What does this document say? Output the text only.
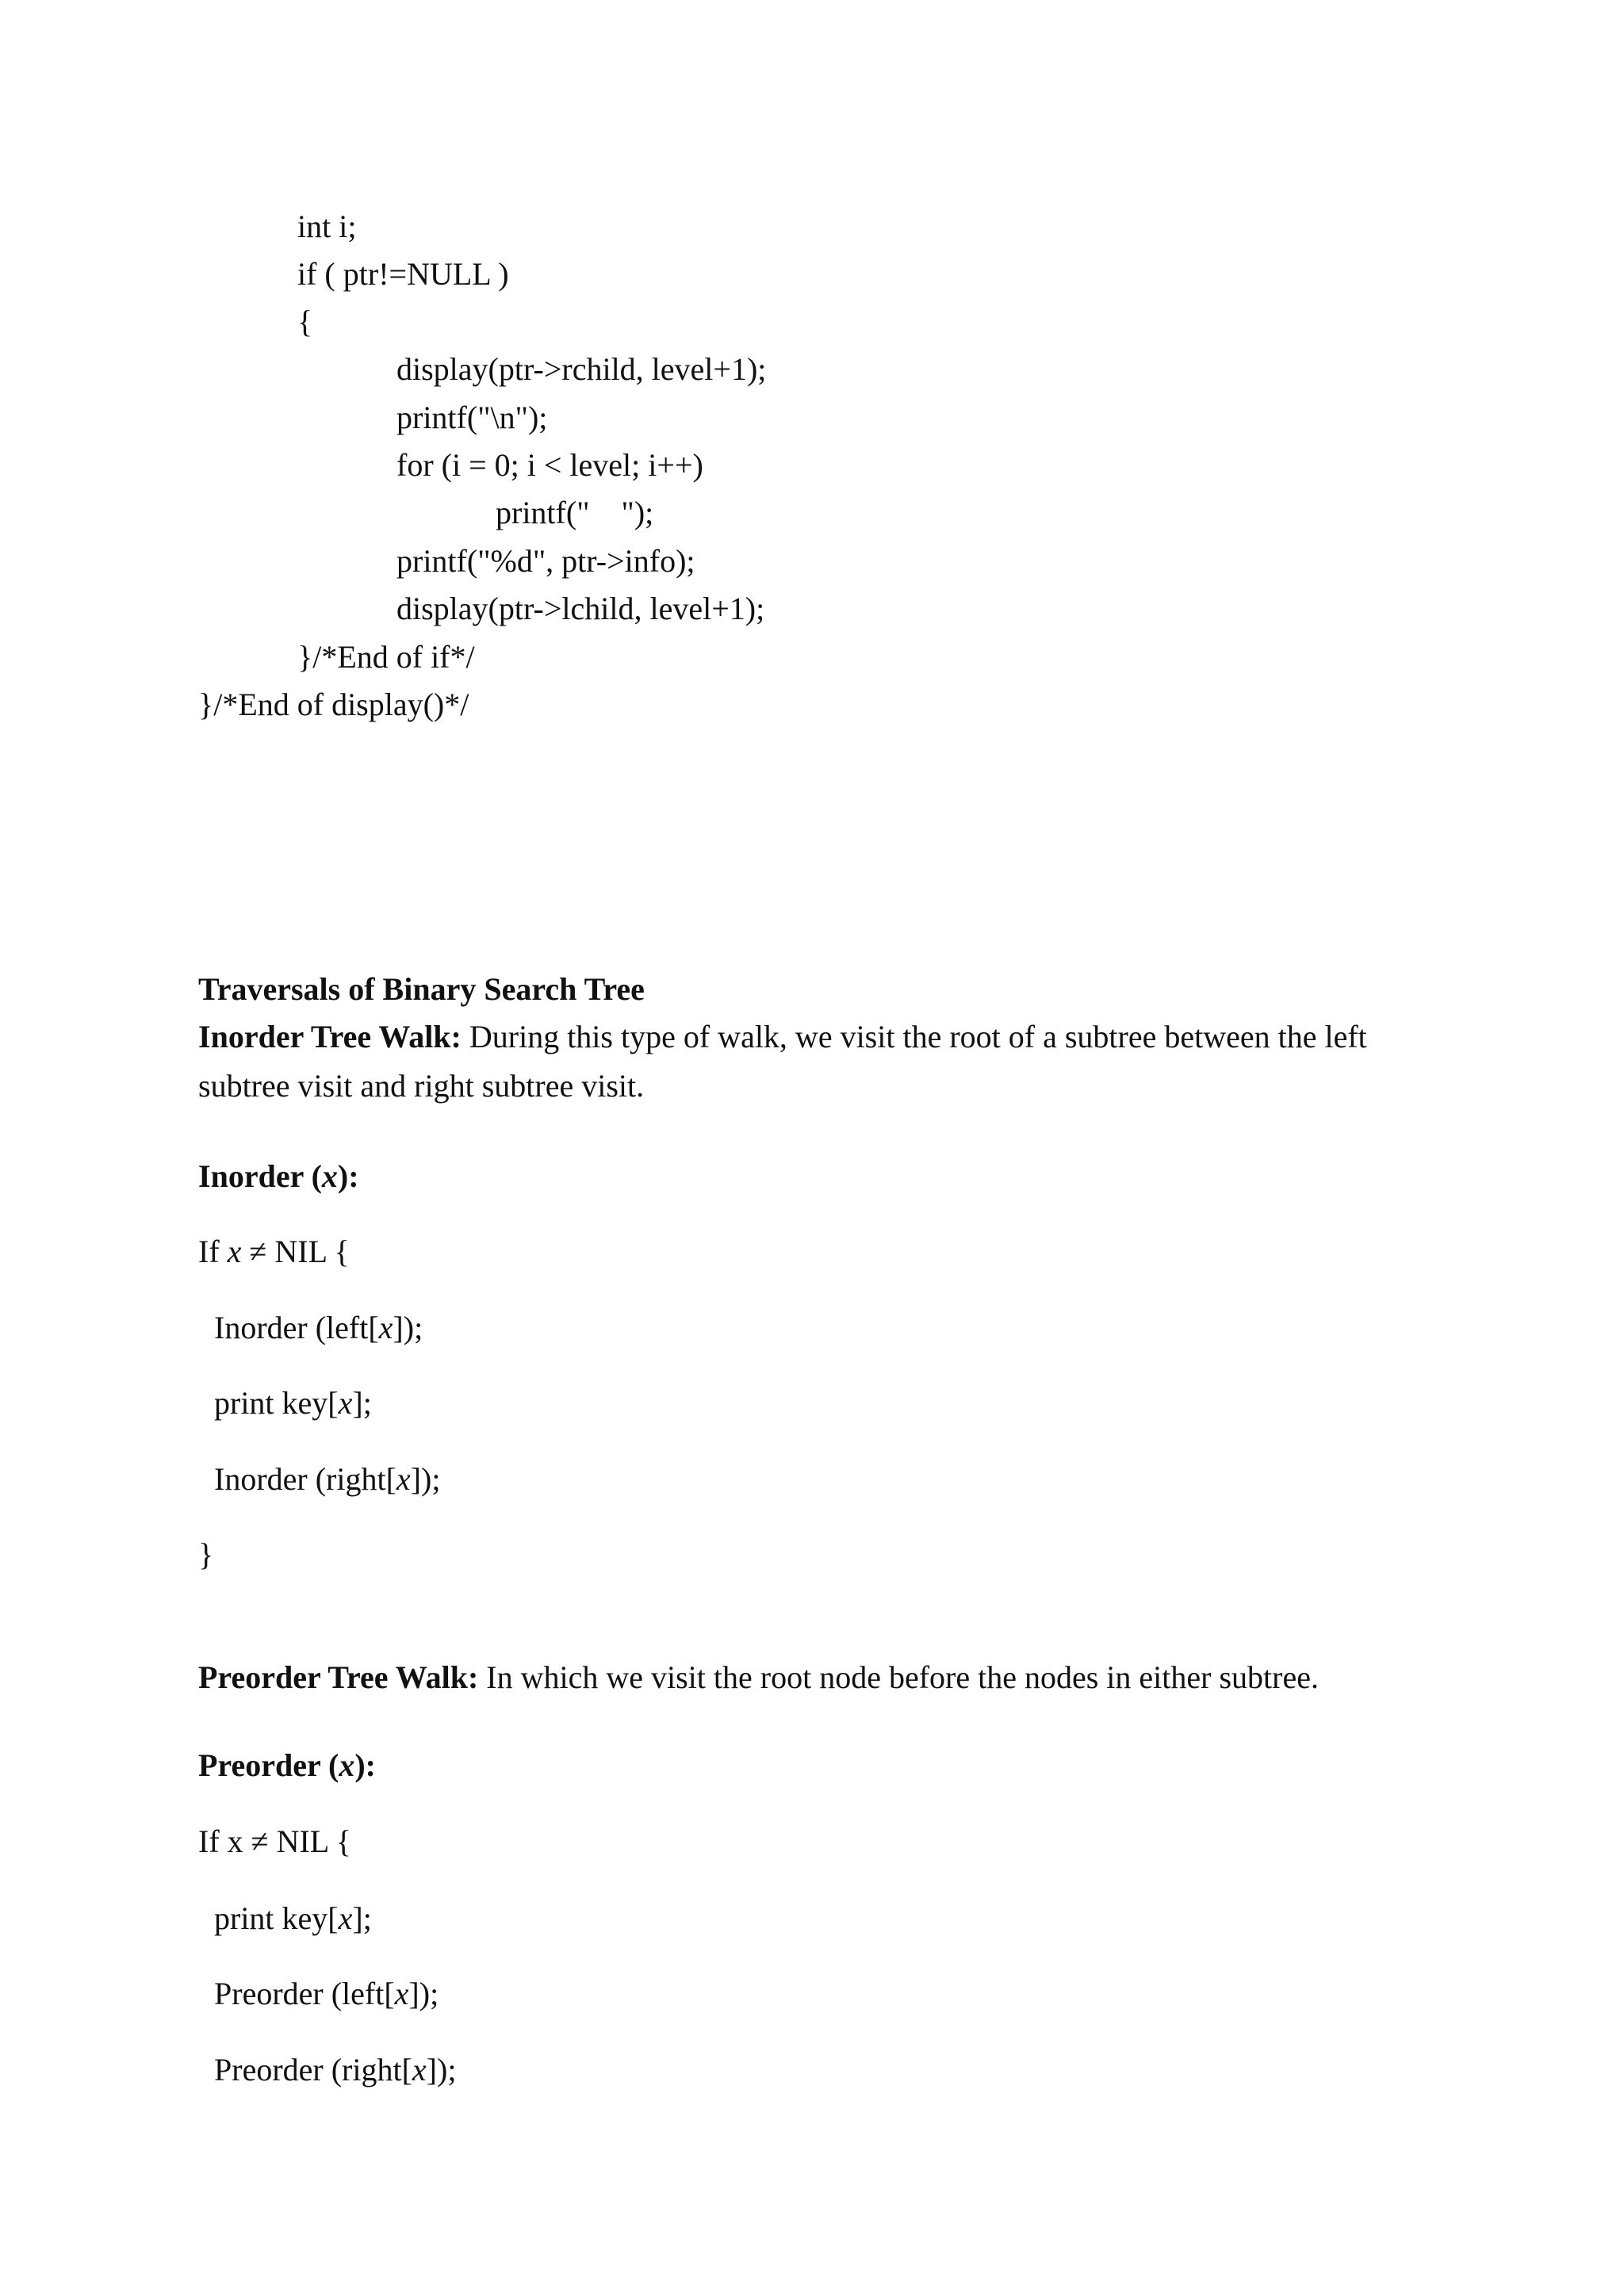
int i;
if ( ptr!=NULL )
{
display(ptr->rchild, level+1);
printf("\n");
for (i = 0; i < level; i++)
printf("    ");
printf("%d", ptr->info);
display(ptr->lchild, level+1);
}/*End of if*/
}/*End of display()*/
Traversals of Binary Search Tree
Inorder Tree Walk: During this type of walk, we visit the root of a subtree between the left
subtree visit and right subtree visit.
Inorder (x):
If x ≠ NIL {
Inorder (left[x]);
print key[x];
Inorder (right[x]);
}
Preorder Tree Walk: In which we visit the root node before the nodes in either subtree.
Preorder (x):
If x ≠ NIL {
print key[x];
Preorder (left[x]);
Preorder (right[x]);
